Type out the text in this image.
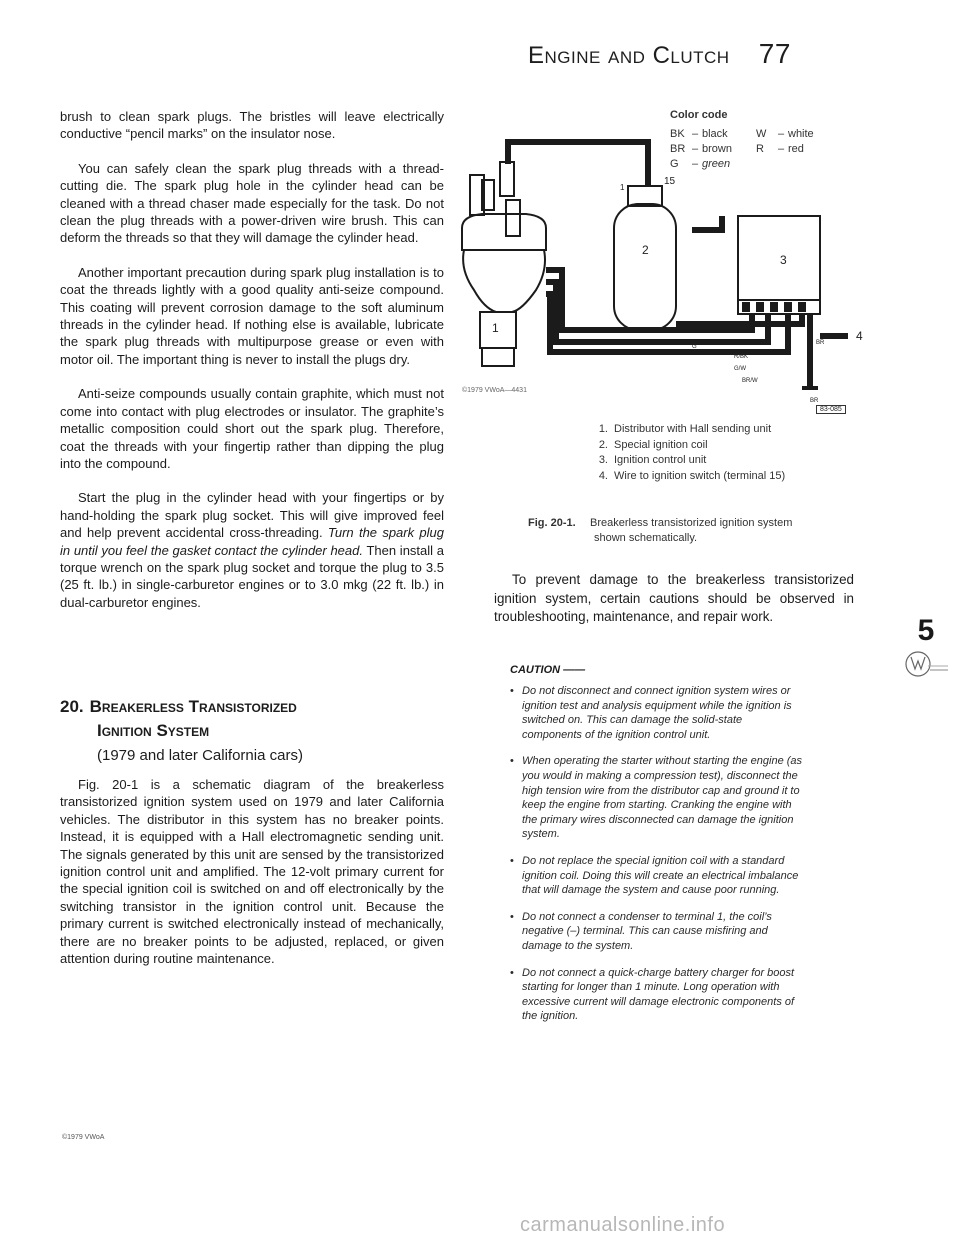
Engine and Clutch 77

brush to clean spark plugs. The bristles will leave electrically conductive “pencil marks” on the insulator nose.

You can safely clean the spark plug threads with a thread-cutting die. The spark plug hole in the cylinder head can be cleaned with a thread chaser made especially for the task. Do not clean the plug threads with a power-driven wire brush. This can deform the threads so that they will damage the cylinder head.

Another important precaution during spark plug installation is to coat the threads lightly with a good quality anti-seize compound. This coating will prevent corrosion damage to the soft aluminum threads in the cylinder head. If nothing else is available, lubricate the spark plug threads with multipurpose grease or even with motor oil. The important thing is never to install the plugs dry.

Anti-seize compounds usually contain graphite, which must not come into contact with plug electrodes or insulator. The graphite’s metallic composition could short out the spark plug. Therefore, coat the threads with your fingertip rather than dipping the plug into the compound.

Start the plug in the cylinder head with your fingertips or by hand-holding the spark plug socket. This will give improved feel and help prevent accidental cross-threading. Turn the spark plug in until you feel the gasket contact the cylinder head. Then install a torque wrench on the spark plug socket and torque the plug to 3.5 (25 ft. lb.) in single-carburetor engines or to 3.0 mkg (22 ft. lb.) in dual-carburetor engines.

20. Breakerless Transistorized
Ignition System
(1979 and later California cars)

Fig. 20-1 is a schematic diagram of the breakerless transistorized ignition system used on 1979 and later California vehicles. The distributor in this system has no breaker points. Instead, it is equipped with a Hall electromagnetic sending unit. The signals generated by this unit are sensed by the transistorized ignition control unit and amplified. The 12-volt primary current for the special ignition coil is switched on and off electronically by the switching transistor in the ignition control unit. Because the primary current is switched electronically instead of mechanically, there are no breaker points to be adjusted, replaced, or given attention during routine maintenance.

©1979 VWoA
2
3
1
4
15
1
G
BR
R/BK
G/W
BR/W
BR
Color code
BK – black	W – white
BR – brown R – red
G – green
©1979 VWoA—4431
83-085
1. Distributor with Hall sending unit
2. Special ignition coil
3. Ignition control unit
4. Wire to ignition switch (terminal 15)
Fig. 20-1. Breakerless transistorized ignition system
shown schematically.

To prevent damage to the breakerless transistorized ignition system, certain cautions should be observed in troubleshooting, maintenance, and repair work.

CAUTION ——
• Do not disconnect and connect ignition system wires or ignition test and analysis equipment while the ignition is switched on. This can damage the solid-state components of the ignition control unit.
• When operating the starter without starting the engine (as you would in making a compression test), disconnect the high tension wire from the distributor cap and ground it to keep the engine from starting. Cranking the engine with the primary wires disconnected can damage the ignition system.
• Do not replace the special ignition coil with a standard ignition coil. Doing this will create an electrical imbalance that will damage the system and cause poor running.
• Do not connect a condenser to terminal 1, the coil’s negative (–) terminal. This can cause misfiring and damage to the system.
• Do not connect a quick-charge battery charger for boost starting for longer than 1 minute. Long operation with excessive current will damage electronic components of the ignition.
5
carmanualsonline.info
